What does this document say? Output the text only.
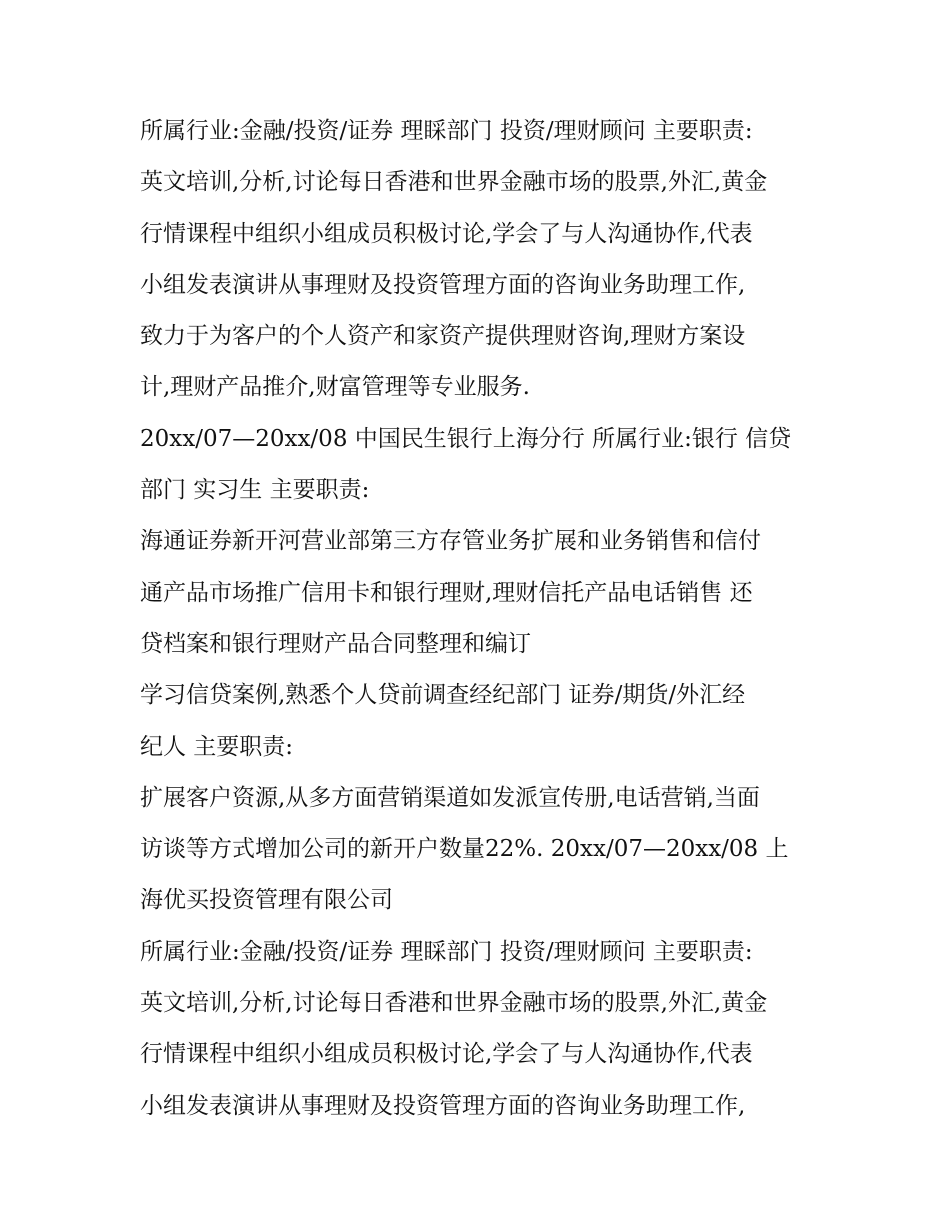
所属行业:金融/投资/证券 理睬部门 投资/理财顾问 主要职责:
英文培训,分析,讨论每日香港和世界金融市场的股票,外汇,黄金
行情课程中组织小组成员积极讨论,学会了与人沟通协作,代表
小组发表演讲从事理财及投资管理方面的咨询业务助理工作,
致力于为客户的个人资产和家资产提供理财咨询,理财方案设
计,理财产品推介,财富管理等专业服务.
20xx/07—20xx/08 中国民生银行上海分行 所属行业:银行 信贷
部门 实习生 主要职责:
海通证券新开河营业部第三方存管业务扩展和业务销售和信付
通产品市场推广信用卡和银行理财,理财信托产品电话销售 还
贷档案和银行理财产品合同整理和编订
学习信贷案例,熟悉个人贷前调查经纪部门 证券/期货/外汇经
纪人 主要职责:
扩展客户资源,从多方面营销渠道如发派宣传册,电话营销,当面
访谈等方式增加公司的新开户数量22%. 20xx/07—20xx/08 上
海优买投资管理有限公司
所属行业:金融/投资/证券 理睬部门 投资/理财顾问 主要职责:
英文培训,分析,讨论每日香港和世界金融市场的股票,外汇,黄金
行情课程中组织小组成员积极讨论,学会了与人沟通协作,代表
小组发表演讲从事理财及投资管理方面的咨询业务助理工作,
